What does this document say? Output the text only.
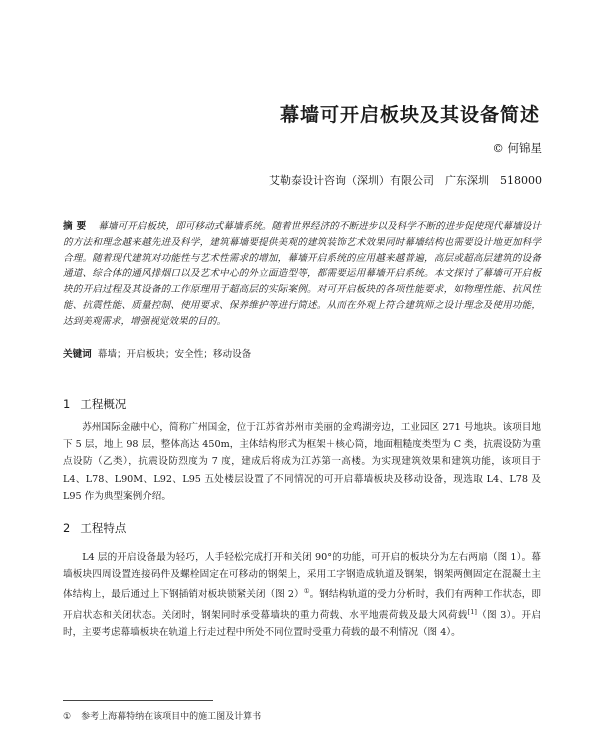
幕墙可开启板块及其设备简述
© 何锦星
艾勒泰设计咨询（深圳）有限公司　广东深圳　518000
摘要 幕墙可开启板块，即可移动式幕墙系统。随着世界经济的不断进步以及科学不断的进步促使现代幕墙设计的方法和理念越来越先进及科学，建筑幕墙要提供美观的建筑装饰艺术效果同时幕墙结构也需要设计地更加科学合理。随着现代建筑对功能性与艺术性需求的增加，幕墙开启系统的应用越来越普遍，高层或超高层建筑的设备通道、综合体的通风排烟口以及艺术中心的外立面造型等，都需要运用幕墙开启系统。本文探讨了幕墙可开启板块的开启过程及其设备的工作原理用于超高层的实际案例。对可开启板块的各项性能要求，如物理性能、抗风性能、抗震性能、质量控制、使用要求、保养维护等进行简述。从而在外观上符合建筑师之设计理念及使用功能，达到美观需求，增强视觉效果的目的。
关键词 幕墙；开启板块；安全性；移动设备
1 工程概况
苏州国际金融中心，简称广州国金，位于江苏省苏州市美丽的金鸡湖旁边，工业园区 271 号地块。该项目地下 5 层，地上 98 层，整体高达 450m，主体结构形式为框架＋核心筒，地面粗糙度类型为 C 类，抗震设防为重点设防（乙类），抗震设防烈度为 7 度，建成后将成为江苏第一高楼。为实现建筑效果和建筑功能，该项目于 L4、L78、L90M、L92、L95 五处楼层设置了不同情况的可开启幕墙板块及移动设备，现选取 L4、L78 及 L95 作为典型案例介绍。
2 工程特点
L4 层的开启设备最为轻巧，人手轻松完成打开和关闭 90°的功能，可开启的板块分为左右两扇（图 1）。幕墙板块四周设置连接码件及螺栓固定在可移动的钢架上，采用工字钢造成轨道及钢架，钢架两侧固定在混凝土主体结构上，最后通过上下钢插销对板块锁紧关闭（图 2）①。钢结构轨道的受力分析时，我们有两种工作状态，即开启状态和关闭状态。关闭时，钢架同时承受幕墙块的重力荷载、水平地震荷载及最大风荷载[1]（图 3）。开启时，主要考虑幕墙板块在轨道上行走过程中所处不同位置时受重力荷载的最不利情况（图 4）。
① 参考上海幕特纳在该项目中的施工图及计算书
